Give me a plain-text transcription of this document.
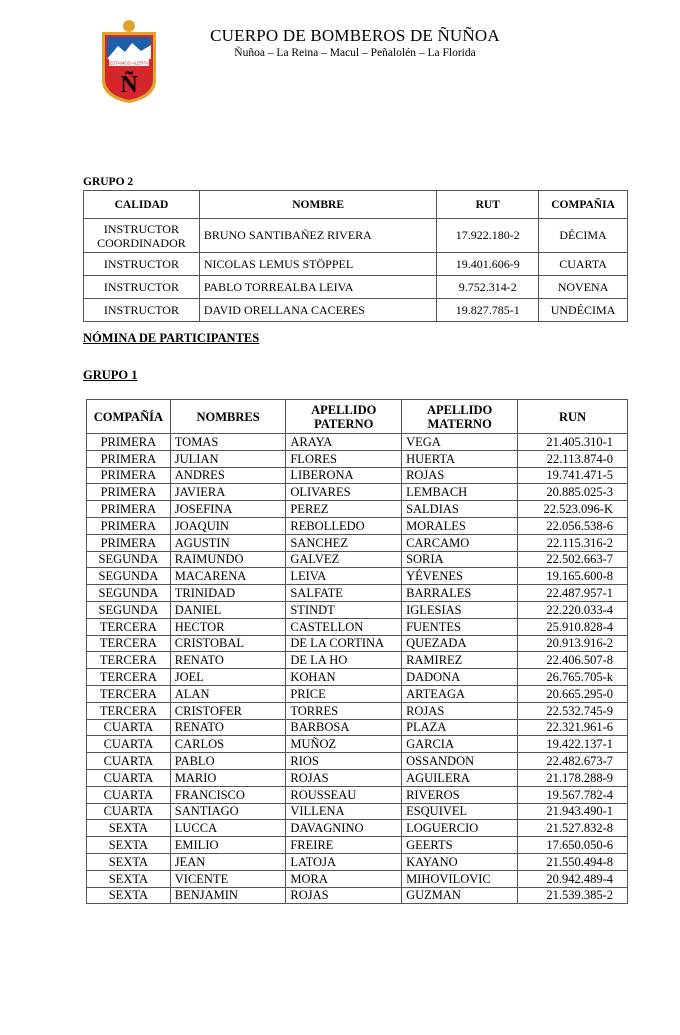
ESTAMOS ALERTA
Ñ
CUERPO DE BOMBEROS DE ÑUÑOA
Ñuñoa – La Reina – Macul – Peñalolén – La Florida
GRUPO 2
CALIDAD	NOMBRE	RUT	COMPAÑIA
INSTRUCTOR COORDINADOR	BRUNO SANTIBAÑEZ RIVERA	17.922.180-2	DÉCIMA
INSTRUCTOR	NICOLAS LEMUS STÖPPEL	19.401.606-9	CUARTA
INSTRUCTOR	PABLO TORREALBA LEIVA	9.752.314-2	NOVENA
INSTRUCTOR	DAVID ORELLANA CACERES	19.827.785-1	UNDÉCIMA
NÓMINA DE PARTICIPANTES
GRUPO 1
COMPAÑÍA	NOMBRES	APELLIDO PATERNO	APELLIDO MATERNO	RUN
PRIMERA	TOMAS	ARAYA	VEGA	21.405.310-1
PRIMERA	JULIAN	FLORES	HUERTA	22.113.874-0
PRIMERA	ANDRES	LIBERONA	ROJAS	19.741.471-5
PRIMERA	JAVIERA	OLIVARES	LEMBACH	20.885.025-3
PRIMERA	JOSEFINA	PEREZ	SALDIAS	22.523.096-K
PRIMERA	JOAQUIN	REBOLLEDO	MORALES	22.056.538-6
PRIMERA	AGUSTIN	SANCHEZ	CARCAMO	22.115.316-2
SEGUNDA	RAIMUNDO	GALVEZ	SORIA	22.502.663-7
SEGUNDA	MACARENA	LEIVA	YÉVENES	19.165.600-8
SEGUNDA	TRINIDAD	SALFATE	BARRALES	22.487.957-1
SEGUNDA	DANIEL	STINDT	IGLESIAS	22.220.033-4
TERCERA	HECTOR	CASTELLON	FUENTES	25.910.828-4
TERCERA	CRISTOBAL	DE LA CORTINA	QUEZADA	20.913.916-2
TERCERA	RENATO	DE LA HO	RAMIREZ	22.406.507-8
TERCERA	JOEL	KOHAN	DADONA	26.765.705-k
TERCERA	ALAN	PRICE	ARTEAGA	20.665.295-0
TERCERA	CRISTOFER	TORRES	ROJAS	22.532.745-9
CUARTA	RENATO	BARBOSA	PLAZA	22.321.961-6
CUARTA	CARLOS	MUÑOZ	GARCIA	19.422.137-1
CUARTA	PABLO	RIOS	OSSANDON	22.482.673-7
CUARTA	MARIO	ROJAS	AGUILERA	21.178.288-9
CUARTA	FRANCISCO	ROUSSEAU	RIVEROS	19.567.782-4
CUARTA	SANTIAGO	VILLENA	ESQUIVEL	21.943.490-1
SEXTA	LUCCA	DAVAGNINO	LOGUERCIO	21.527.832-8
SEXTA	EMILIO	FREIRE	GEERTS	17.650.050-6
SEXTA	JEAN	LATOJA	KAYANO	21.550.494-8
SEXTA	VICENTE	MORA	MIHOVILOVIC	20.942.489-4
SEXTA	BENJAMIN	ROJAS	GUZMAN	21.539.385-2
